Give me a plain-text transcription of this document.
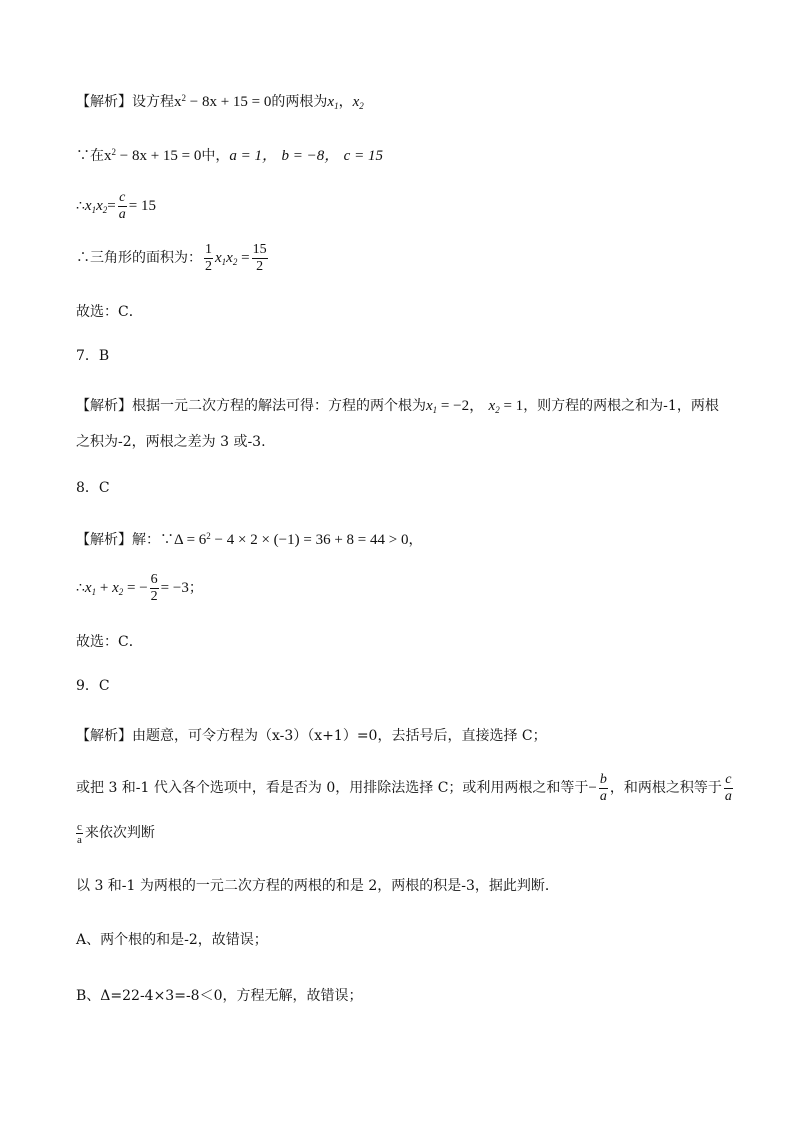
【解析】设方程$x^2 - 8x + 15 = 0$的两根为$x_1$，$x_2$
∵在$x^2 - 8x + 15 = 0$中，a = 1， b = −8， c = 15
$\therefore x_1x_2= \frac{c}{a} = 15$
∴三角形的面积为： $\frac{1}{2} x_1x_2 = \frac{15}{2}$
故选：C．
7．B
【解析】根据一元二次方程的解法可得：方程的两个根为$x_1 = -2$， $x_2 = 1$，则方程的两根之和为-1，两根
之积为-2，两根之差为 3 或-3.
8．C
【解析】解：∵Δ = $6^2 - 4 \times 2 \times (-1) = 36 + 8 = 44 > 0$，
$\therefore x_1 + x_2$ = − $\frac{6}{2} = -3$；
故选：C．
9．C
【解析】由题意，可令方程为（x-3）（x+1）=0，去括号后，直接选择 C；
或把 3 和-1 代入各个选项中，看是否为 0，用排除法选择 C；或利用两根之和等于− $\frac{b}{a}$ ，和两根之积等于 $\frac{c}{a}$
$\frac{c}{a}$ 来依次判断
以 3 和-1 为两根的一元二次方程的两根的和是 2，两根的积是-3，据此判断．
A、两个根的和是-2，故错误；
B、Δ=22-4×3=-8＜0，方程无解，故错误；
